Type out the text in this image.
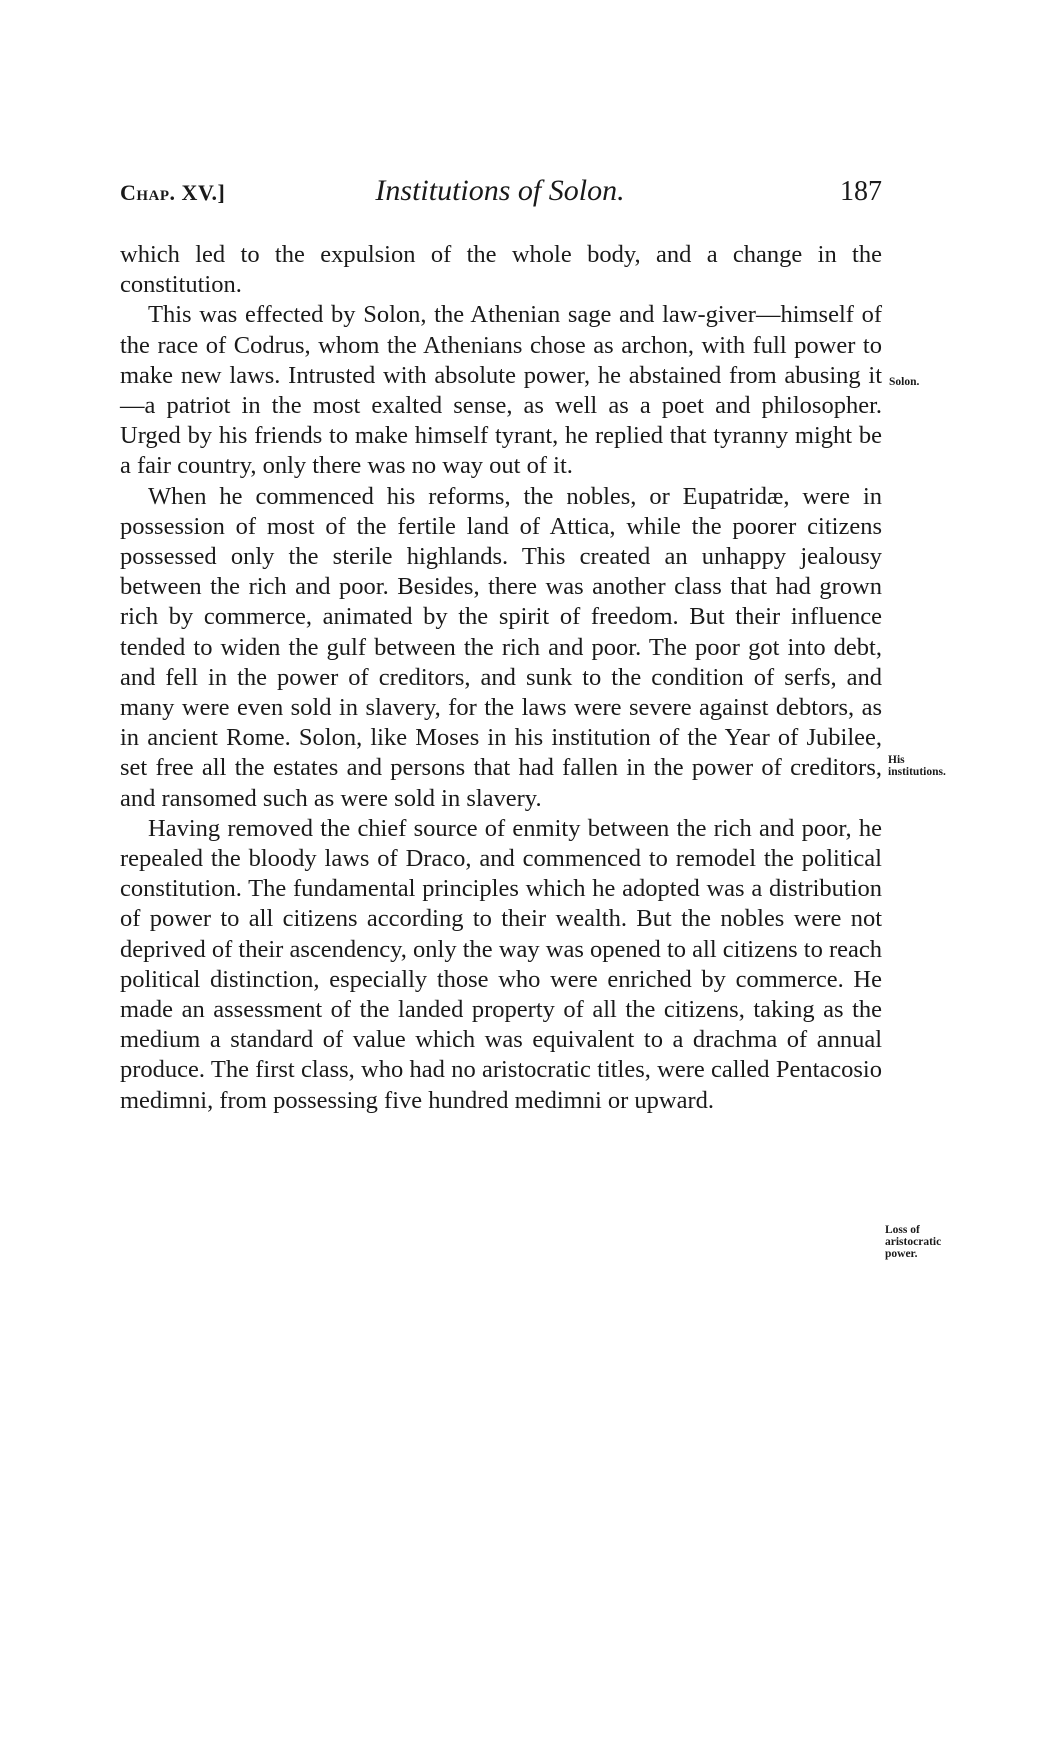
Chap. XV.]	Institutions of Solon.	187

which led to the expulsion of the whole body, and a change in the constitution.

This was effected by Solon, the Athenian sage and law-giver—himself of the race of Codrus, whom the Athenians chose as archon, with full power to make new laws. Intrusted with absolute power, he abstained from abusing it—a patriot in the most exalted sense, as well as a poet and philosopher. Urged by his friends to make himself tyrant, he replied that tyranny might be a fair country, only there was no way out of it.

When he commenced his reforms, the nobles, or Eupatridæ, were in possession of most of the fertile land of Attica, while the poorer citizens possessed only the sterile highlands. This created an unhappy jealousy between the rich and poor. Besides, there was another class that had grown rich by commerce, animated by the spirit of freedom. But their influence tended to widen the gulf between the rich and poor. The poor got into debt, and fell in the power of creditors, and sunk to the condition of serfs, and many were even sold in slavery, for the laws were severe against debtors, as in ancient Rome. Solon, like Moses in his institution of the Year of Jubilee, set free all the estates and persons that had fallen in the power of creditors, and ransomed such as were sold in slavery.

Having removed the chief source of enmity between the rich and poor, he repealed the bloody laws of Draco, and commenced to remodel the political constitution. The fundamental principles which he adopted was a distribution of power to all citizens according to their wealth. But the nobles were not deprived of their ascendency, only the way was opened to all citizens to reach political distinction, especially those who were enriched by commerce. He made an assessment of the landed property of all the citizens, taking as the medium a standard of value which was equivalent to a drachma of annual produce. The first class, who had no aristocratic titles, were called Pentacosio medimni, from possessing five hundred medimni or upward.

Solon.
His institutions.
Loss of aristocratic power.
